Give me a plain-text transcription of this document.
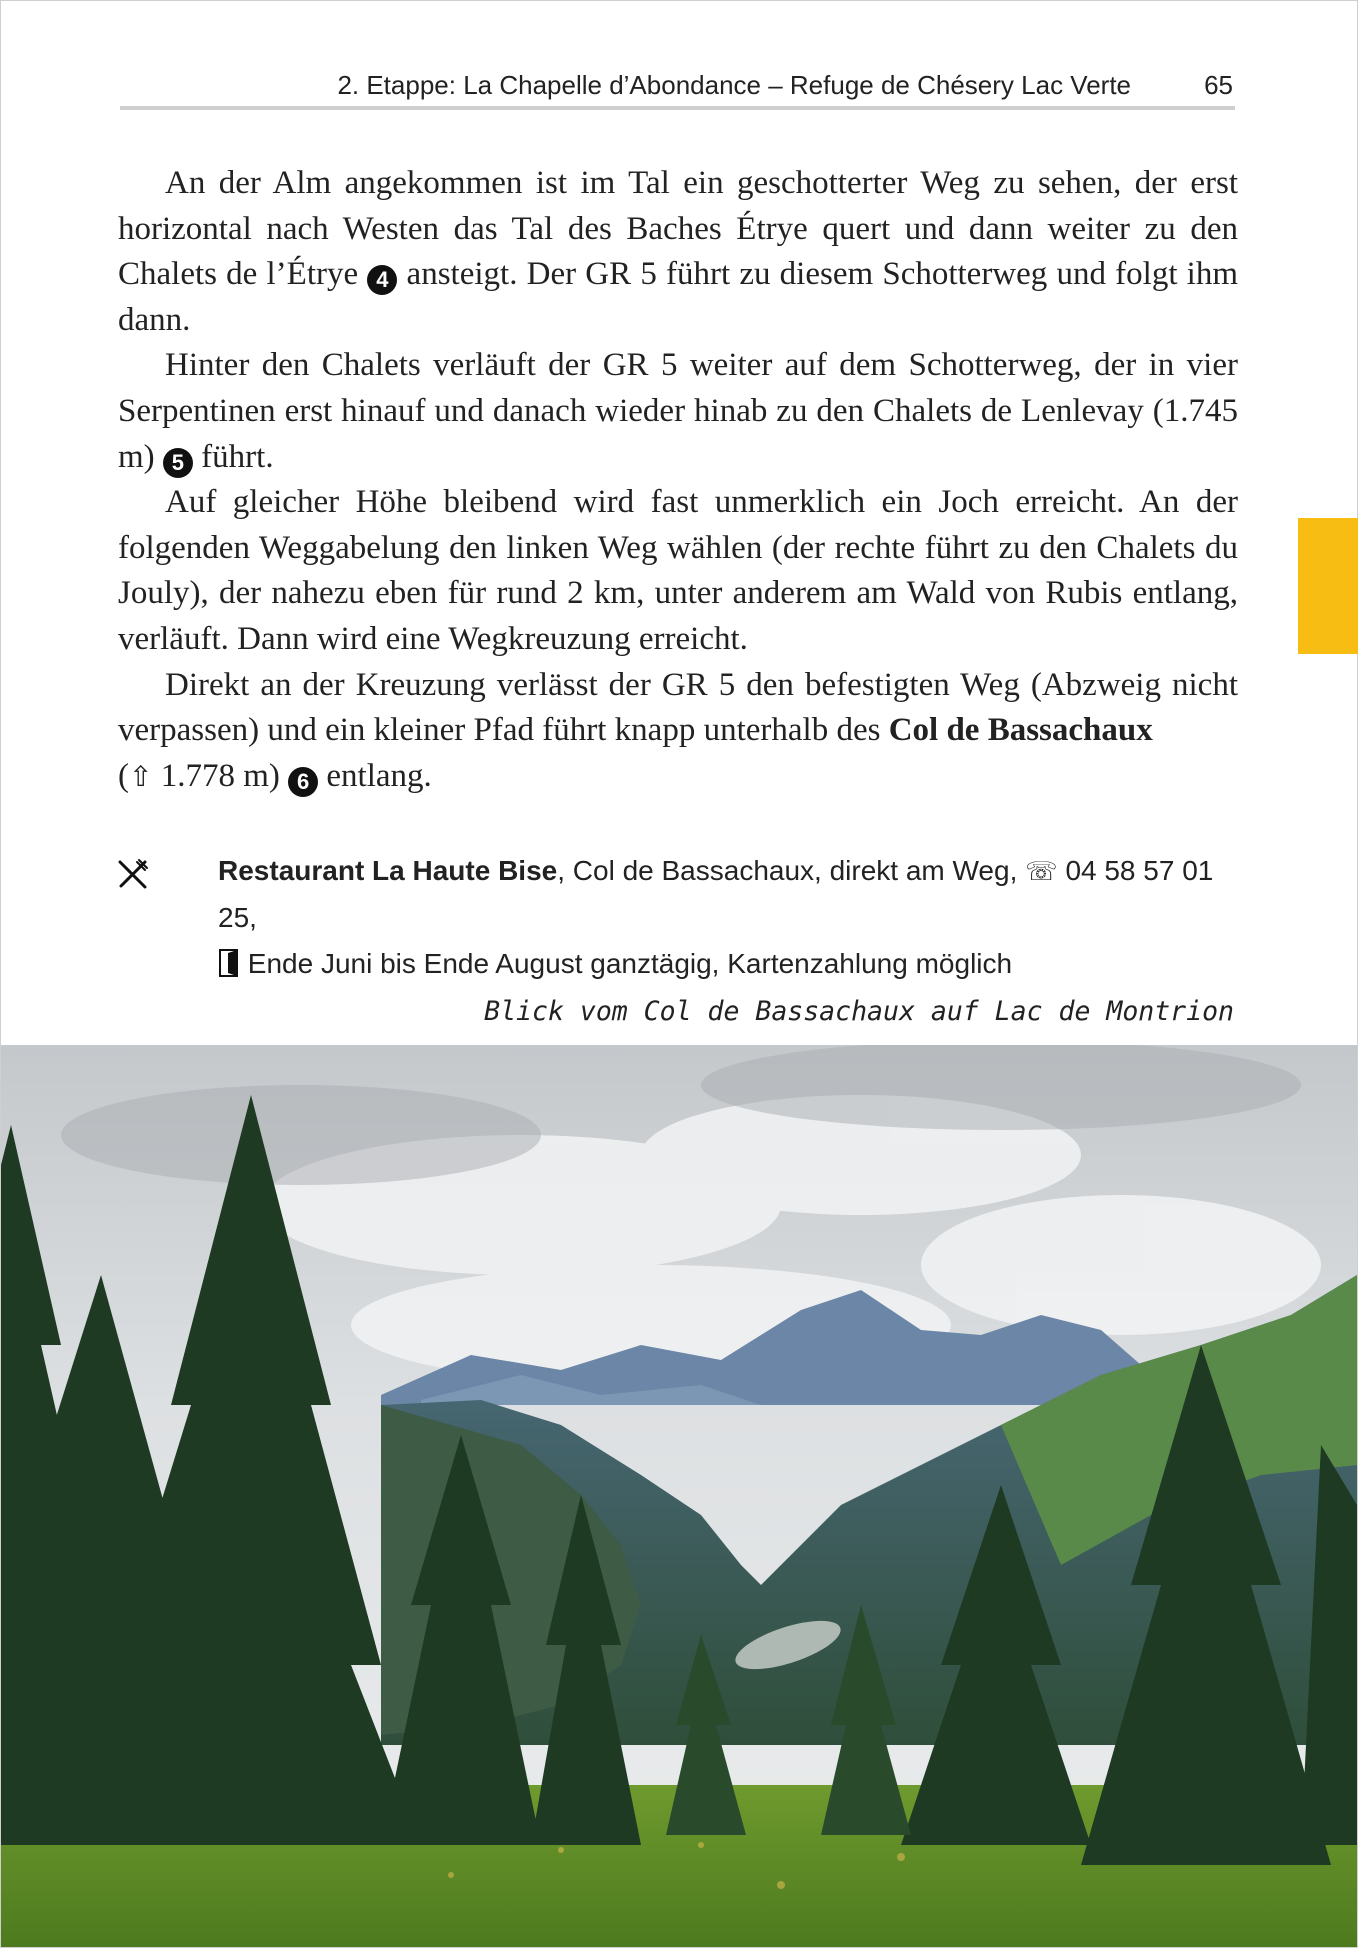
2. Etappe: La Chapelle d’Abondance – Refuge de Chésery Lac Verte	65

An der Alm angekommen ist im Tal ein geschotterter Weg zu sehen, der erst horizontal nach Westen das Tal des Baches Étrye quert und dann weiter zu den Chalets de l’Étrye 4 ansteigt. Der GR 5 führt zu diesem Schotterweg und folgt ihm dann.

Hinter den Chalets verläuft der GR 5 weiter auf dem Schotterweg, der in vier Serpentinen erst hinauf und danach wieder hinab zu den Chalets de Lenlevay (1.745 m) 5 führt.

Auf gleicher Höhe bleibend wird fast unmerklich ein Joch erreicht. An der folgenden Weggabelung den linken Weg wählen (der rechte führt zu den Chalets du Jouly), der nahezu eben für rund 2 km, unter anderem am Wald von Rubis entlang, verläuft. Dann wird eine Wegkreuzung erreicht.

Direkt an der Kreuzung verlässt der GR 5 den befestigten Weg (Abzweig nicht verpassen) und ein kleiner Pfad führt knapp unterhalb des Col de Bassachaux
(⇧ 1.778 m) 6 entlang.

Restaurant La Haute Bise, Col de Bassachaux, direkt am Weg, ☏ 04 58 57 01 25,
Ende Juni bis Ende August ganztägig, Kartenzahlung möglich
Blick vom Col de Bassachaux auf Lac de Montrion
